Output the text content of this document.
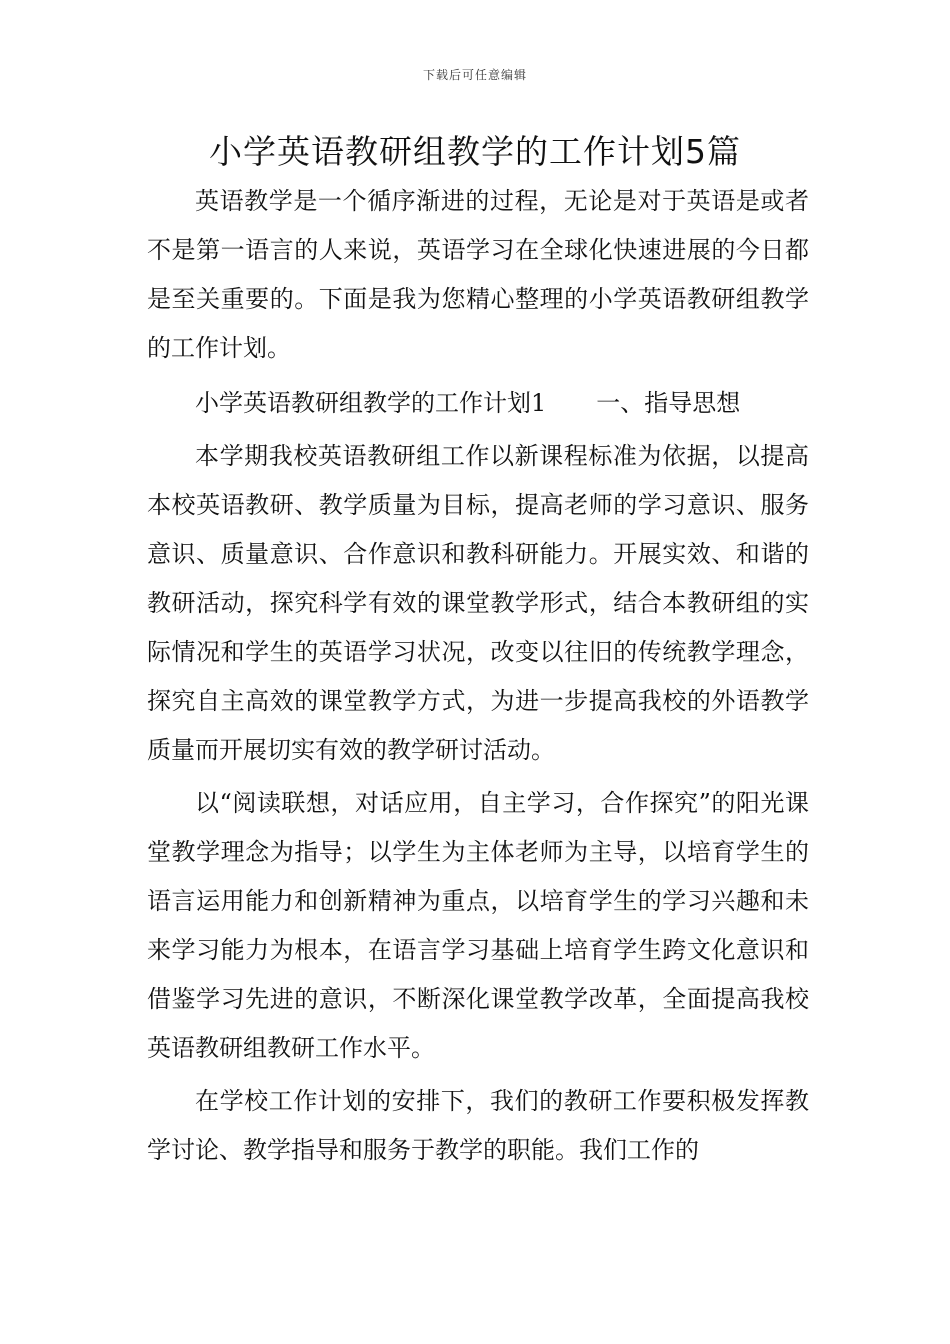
下载后可任意编辑
小学英语教研组教学的工作计划5篇

英语教学是一个循序渐进的过程，无论是对于英语是或者不是第一语言的人来说，英语学习在全球化快速进展的今日都是至关重要的。下面是我为您精心整理的小学英语教研组教学的工作计划。

小学英语教研组教学的工作计划1 一、指导思想

本学期我校英语教研组工作以新课程标准为依据，以提高本校英语教研、教学质量为目标，提高老师的学习意识、服务意识、质量意识、合作意识和教科研能力。开展实效、和谐的教研活动，探究科学有效的课堂教学形式，结合本教研组的实际情况和学生的英语学习状况，改变以往旧的传统教学理念，探究自主高效的课堂教学方式，为进一步提高我校的外语教学质量而开展切实有效的教学研讨活动。

以“阅读联想，对话应用，自主学习，合作探究”的阳光课堂教学理念为指导；以学生为主体老师为主导，以培育学生的语言运用能力和创新精神为重点，以培育学生的学习兴趣和未来学习能力为根本，在语言学习基础上培育学生跨文化意识和借鉴学习先进的意识，不断深化课堂教学改革，全面提高我校英语教研组教研工作水平。

在学校工作计划的安排下，我们的教研工作要积极发挥教学讨论、教学指导和服务于教学的职能。我们工作的
